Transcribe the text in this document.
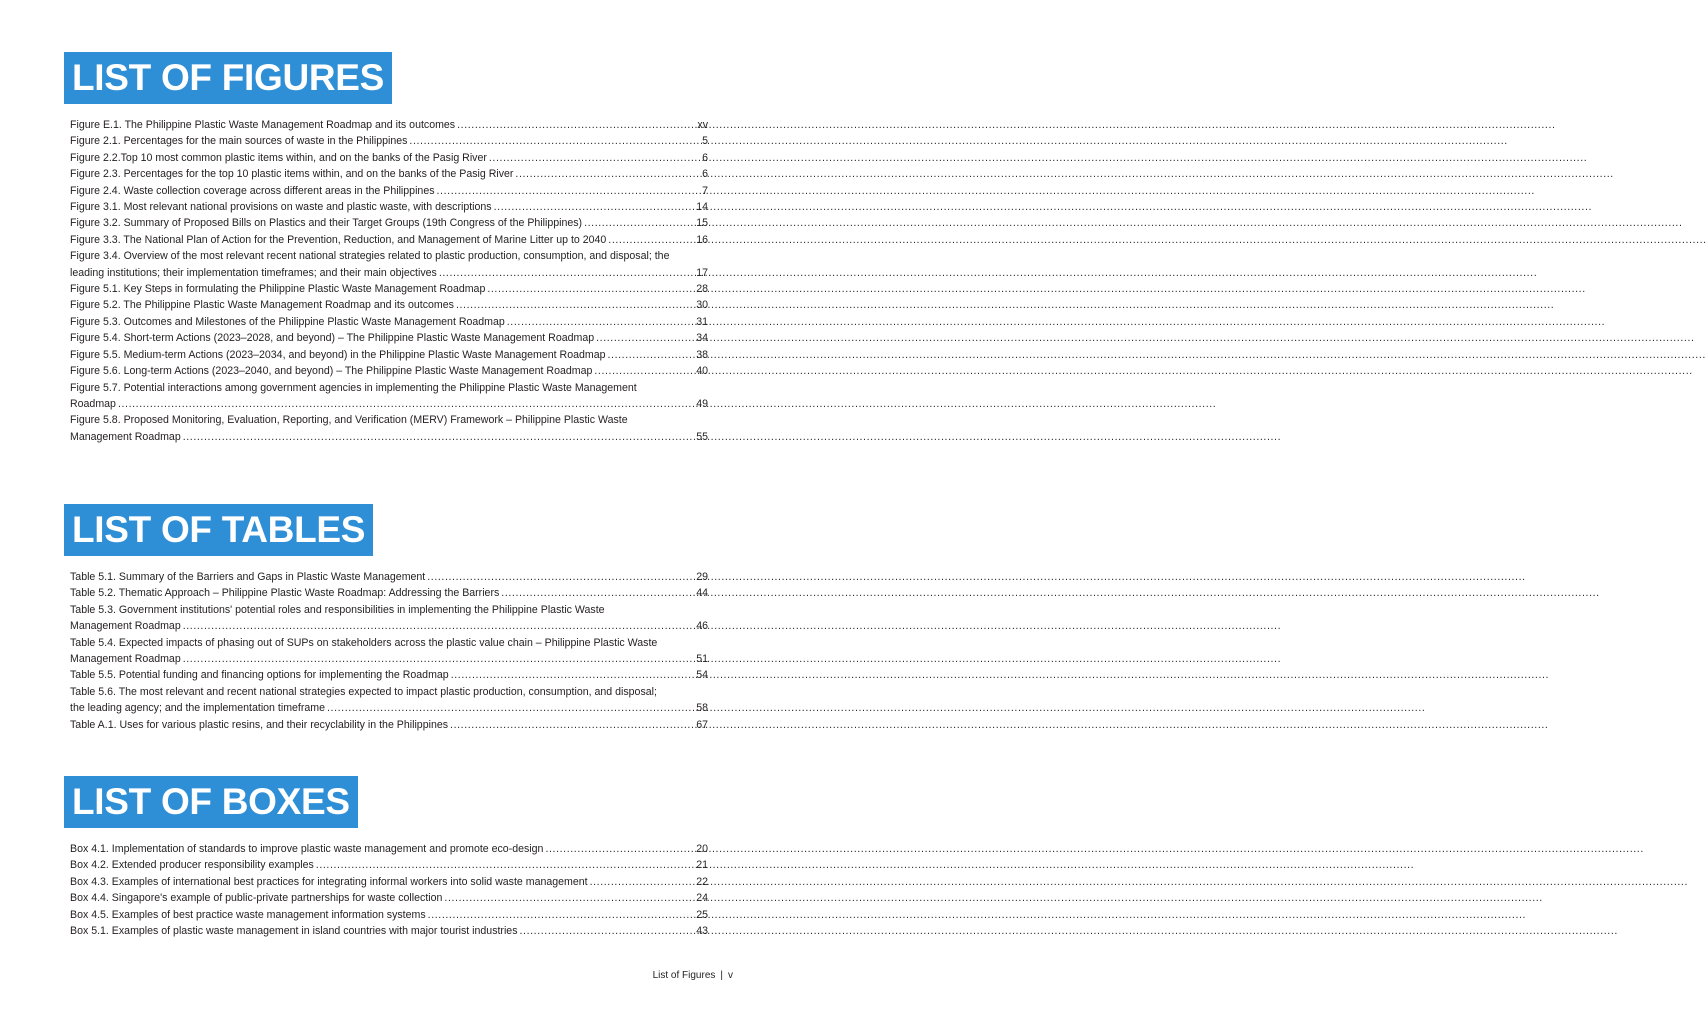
LIST OF FIGURES
Figure E.1. The Philippine Plastic Waste Management Roadmap and its outcomes .....	xv
Figure 2.1. Percentages for the main sources of waste in the Philippines .....	5
Figure 2.2.Top 10 most common plastic items within, and on the banks of the Pasig River .....	6
Figure 2.3. Percentages for the top 10 plastic items within, and on the banks of the Pasig River .....	6
Figure 2.4. Waste collection coverage across different areas in the Philippines .....	7
Figure 3.1. Most relevant national provisions on waste and plastic waste, with descriptions .....	14
Figure 3.2. Summary of Proposed Bills on Plastics and their Target Groups (19th Congress of the Philippines) .....	15
Figure 3.3. The National Plan of Action for the Prevention, Reduction, and Management of Marine Litter up to 2040 .....	16
Figure 3.4. Overview of the most relevant recent national strategies related to plastic production, consumption, and disposal; the
leading institutions; their implementation timeframes; and their main objectives .....	17
Figure 5.1. Key Steps in formulating the Philippine Plastic Waste Management Roadmap .....	28
Figure 5.2. The Philippine Plastic Waste Management Roadmap and its outcomes .....	30
Figure 5.3. Outcomes and Milestones of the Philippine Plastic Waste Management Roadmap .....	31
Figure 5.4. Short-term Actions (2023–2028, and beyond) – The Philippine Plastic Waste Management Roadmap .....	34
Figure 5.5. Medium-term Actions (2023–2034, and beyond) in the Philippine Plastic Waste Management Roadmap .....	38
Figure 5.6. Long-term Actions (2023–2040, and beyond) – The Philippine Plastic Waste Management Roadmap .....	40
Figure 5.7. Potential interactions among government agencies in implementing the Philippine Plastic Waste Management
Roadmap .....	49
Figure 5.8. Proposed Monitoring, Evaluation, Reporting, and Verification (MERV) Framework – Philippine Plastic Waste
Management Roadmap .....	55
LIST OF TABLES
Table 5.1. Summary of the Barriers and Gaps in Plastic Waste Management .....	29
Table 5.2. Thematic Approach – Philippine Plastic Waste Roadmap: Addressing the Barriers .....	44
Table 5.3. Government institutions' potential roles and responsibilities in implementing the Philippine Plastic Waste
Management Roadmap .....	46
Table 5.4. Expected impacts of phasing out of SUPs on stakeholders across the plastic value chain – Philippine Plastic Waste
Management Roadmap .....	51
Table 5.5. Potential funding and financing options for implementing the Roadmap .....	54
Table 5.6. The most relevant and recent national strategies expected to impact plastic production, consumption, and disposal;
the leading agency; and the implementation timeframe .....	58
Table A.1. Uses for various plastic resins, and their recyclability in the Philippines .....	67
LIST OF BOXES
Box 4.1. Implementation of standards to improve plastic waste management and promote eco-design .....	20
Box 4.2. Extended producer responsibility examples .....	21
Box 4.3. Examples of international best practices for integrating informal workers into solid waste management .....	22
Box 4.4. Singapore's example of public-private partnerships for waste collection .....	24
Box 4.5. Examples of best practice waste management information systems .....	25
Box 5.1. Examples of plastic waste management in island countries with major tourist industries .....	43
List of Figures | v
